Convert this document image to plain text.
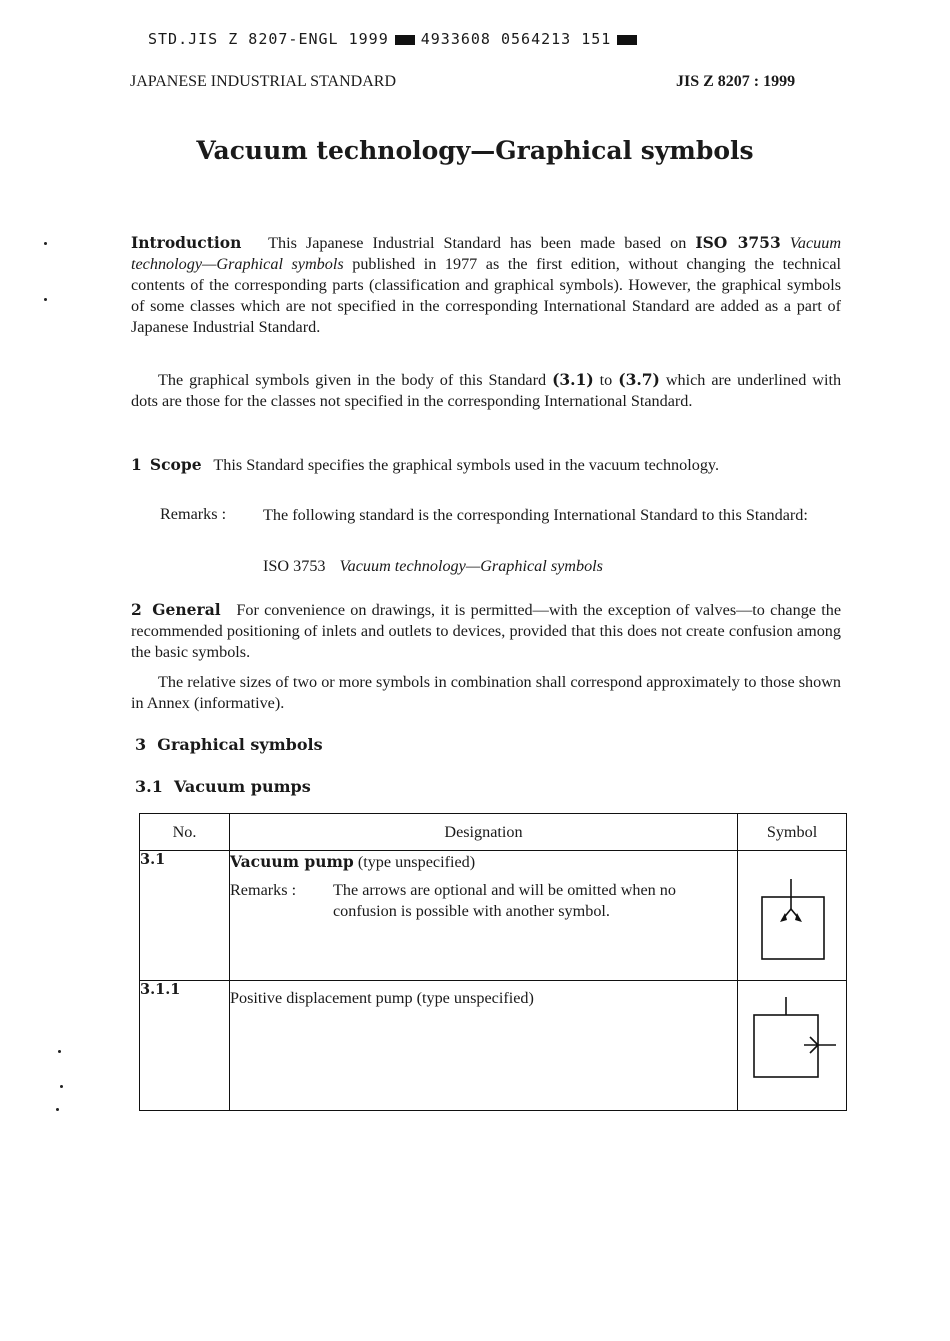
STD.JIS Z 8207-ENGL 1999 4933608 0564213 151
JAPANESE INDUSTRIAL STANDARD	JIS Z 8207 : 1999
Vacuum technology—Graphical symbols
Introduction This Japanese Industrial Standard has been made based on ISO 3753 Vacuum technology—Graphical symbols published in 1977 as the first edition, without changing the technical contents of the corresponding parts (classification and graphical symbols). However, the graphical symbols of some classes which are not specified in the corresponding International Standard are added as a part of Japanese Industrial Standard.
The graphical symbols given in the body of this Standard (3.1) to (3.7) which are underlined with dots are those for the classes not specified in the corresponding International Standard.
1 Scope This Standard specifies the graphical symbols used in the vacuum technology.
Remarks : The following standard is the corresponding International Standard to this Standard:
ISO 3753 Vacuum technology—Graphical symbols
2 General For convenience on drawings, it is permitted—with the exception of valves—to change the recommended positioning of inlets and outlets to devices, provided that this does not create confusion among the basic symbols.
The relative sizes of two or more symbols in combination shall correspond approximately to those shown in Annex (informative).
3 Graphical symbols
3.1 Vacuum pumps
No.	Designation	Symbol
3.1	Vacuum pump (type unspecified)
Remarks : The arrows are optional and will be omitted when no confusion is possible with another symbol.

3.1.1	Positive displacement pump (type unspecified)	
